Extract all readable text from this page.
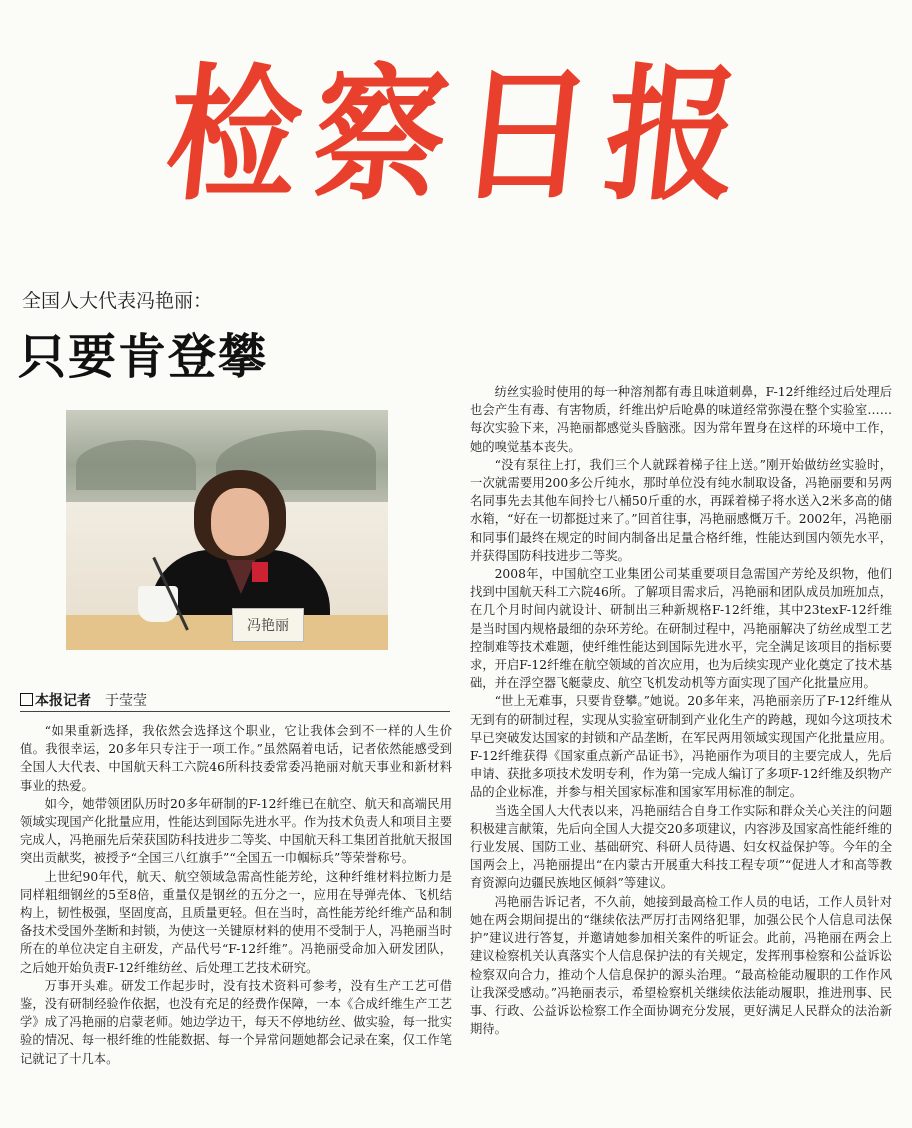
检察日报
全国人大代表冯艳丽：
只要肯登攀
冯艳丽
本报记者 于莹莹

“如果重新选择，我依然会选择这个职业，它让我体会到不一样的人生价值。我很幸运，20多年只专注于一项工作。”虽然隔着电话，记者依然能感受到全国人大代表、中国航天科工六院46所科技委常委冯艳丽对航天事业和新材料事业的热爱。

如今，她带领团队历时20多年研制的F-12纤维已在航空、航天和高端民用领域实现国产化批量应用，性能达到国际先进水平。作为技术负责人和项目主要完成人，冯艳丽先后荣获国防科技进步二等奖、中国航天科工集团首批航天报国突出贡献奖，被授予“全国三八红旗手”“全国五一巾帼标兵”等荣誉称号。

上世纪90年代，航天、航空领域急需高性能芳纶，这种纤维材料拉断力是同样粗细钢丝的5至8倍，重量仅是钢丝的五分之一，应用在导弹壳体、飞机结构上，韧性极强，坚固度高，且质量更轻。但在当时，高性能芳纶纤维产品和制备技术受国外垄断和封锁，为使这一关键原材料的使用不受制于人，冯艳丽当时所在的单位决定自主研发，产品代号“F-12纤维”。冯艳丽受命加入研发团队，之后她开始负责F-12纤维纺丝、后处理工艺技术研究。

万事开头难。研发工作起步时，没有技术资料可参考，没有生产工艺可借鉴，没有研制经验作依据，也没有充足的经费作保障，一本《合成纤维生产工艺学》成了冯艳丽的启蒙老师。她边学边干，每天不停地纺丝、做实验，每一批实验的情况、每一根纤维的性能数据、每一个异常问题她都会记录在案，仅工作笔记就记了十几本。

纺丝实验时使用的每一种溶剂都有毒且味道刺鼻，F-12纤维经过后处理后也会产生有毒、有害物质，纤维出炉后呛鼻的味道经常弥漫在整个实验室……每次实验下来，冯艳丽都感觉头昏脑涨。因为常年置身在这样的环境中工作，她的嗅觉基本丧失。

“没有泵往上打，我们三个人就踩着梯子往上送。”刚开始做纺丝实验时，一次就需要用200多公斤纯水，那时单位没有纯水制取设备，冯艳丽要和另两名同事先去其他车间拎七八桶50斤重的水，再踩着梯子将水送入2米多高的储水箱，“好在一切都挺过来了。”回首往事，冯艳丽感慨万千。2002年，冯艳丽和同事们最终在规定的时间内制备出足量合格纤维，性能达到国内领先水平，并获得国防科技进步二等奖。

2008年，中国航空工业集团公司某重要项目急需国产芳纶及织物，他们找到中国航天科工六院46所。了解项目需求后，冯艳丽和团队成员加班加点，在几个月时间内就设计、研制出三种新规格F-12纤维，其中23texF-12纤维是当时国内规格最细的杂环芳纶。在研制过程中，冯艳丽解决了纺丝成型工艺控制难等技术难题，使纤维性能达到国际先进水平，完全满足该项目的指标要求，开启F-12纤维在航空领域的首次应用，也为后续实现产业化奠定了技术基础，并在浮空器飞艇蒙皮、航空飞机发动机等方面实现了国产化批量应用。

“世上无难事，只要肯登攀。”她说。20多年来，冯艳丽亲历了F-12纤维从无到有的研制过程，实现从实验室研制到产业化生产的跨越，现如今这项技术早已突破发达国家的封锁和产品垄断，在军民两用领域实现国产化批量应用。F-12纤维获得《国家重点新产品证书》，冯艳丽作为项目的主要完成人，先后申请、获批多项技术发明专利，作为第一完成人编订了多项F-12纤维及织物产品的企业标准，并参与相关国家标准和国家军用标准的制定。

当选全国人大代表以来，冯艳丽结合自身工作实际和群众关心关注的问题积极建言献策，先后向全国人大提交20多项建议，内容涉及国家高性能纤维的行业发展、国防工业、基础研究、科研人员待遇、妇女权益保护等。今年的全国两会上，冯艳丽提出“在内蒙古开展重大科技工程专项”“促进人才和高等教育资源向边疆民族地区倾斜”等建议。

冯艳丽告诉记者，不久前，她接到最高检工作人员的电话，工作人员针对她在两会期间提出的“继续依法严厉打击网络犯罪，加强公民个人信息司法保护”建议进行答复，并邀请她参加相关案件的听证会。此前，冯艳丽在两会上建议检察机关认真落实个人信息保护法的有关规定，发挥刑事检察和公益诉讼检察双向合力，推动个人信息保护的源头治理。“最高检能动履职的工作作风让我深受感动。”冯艳丽表示，希望检察机关继续依法能动履职，推进刑事、民事、行政、公益诉讼检察工作全面协调充分发展，更好满足人民群众的法治新期待。
